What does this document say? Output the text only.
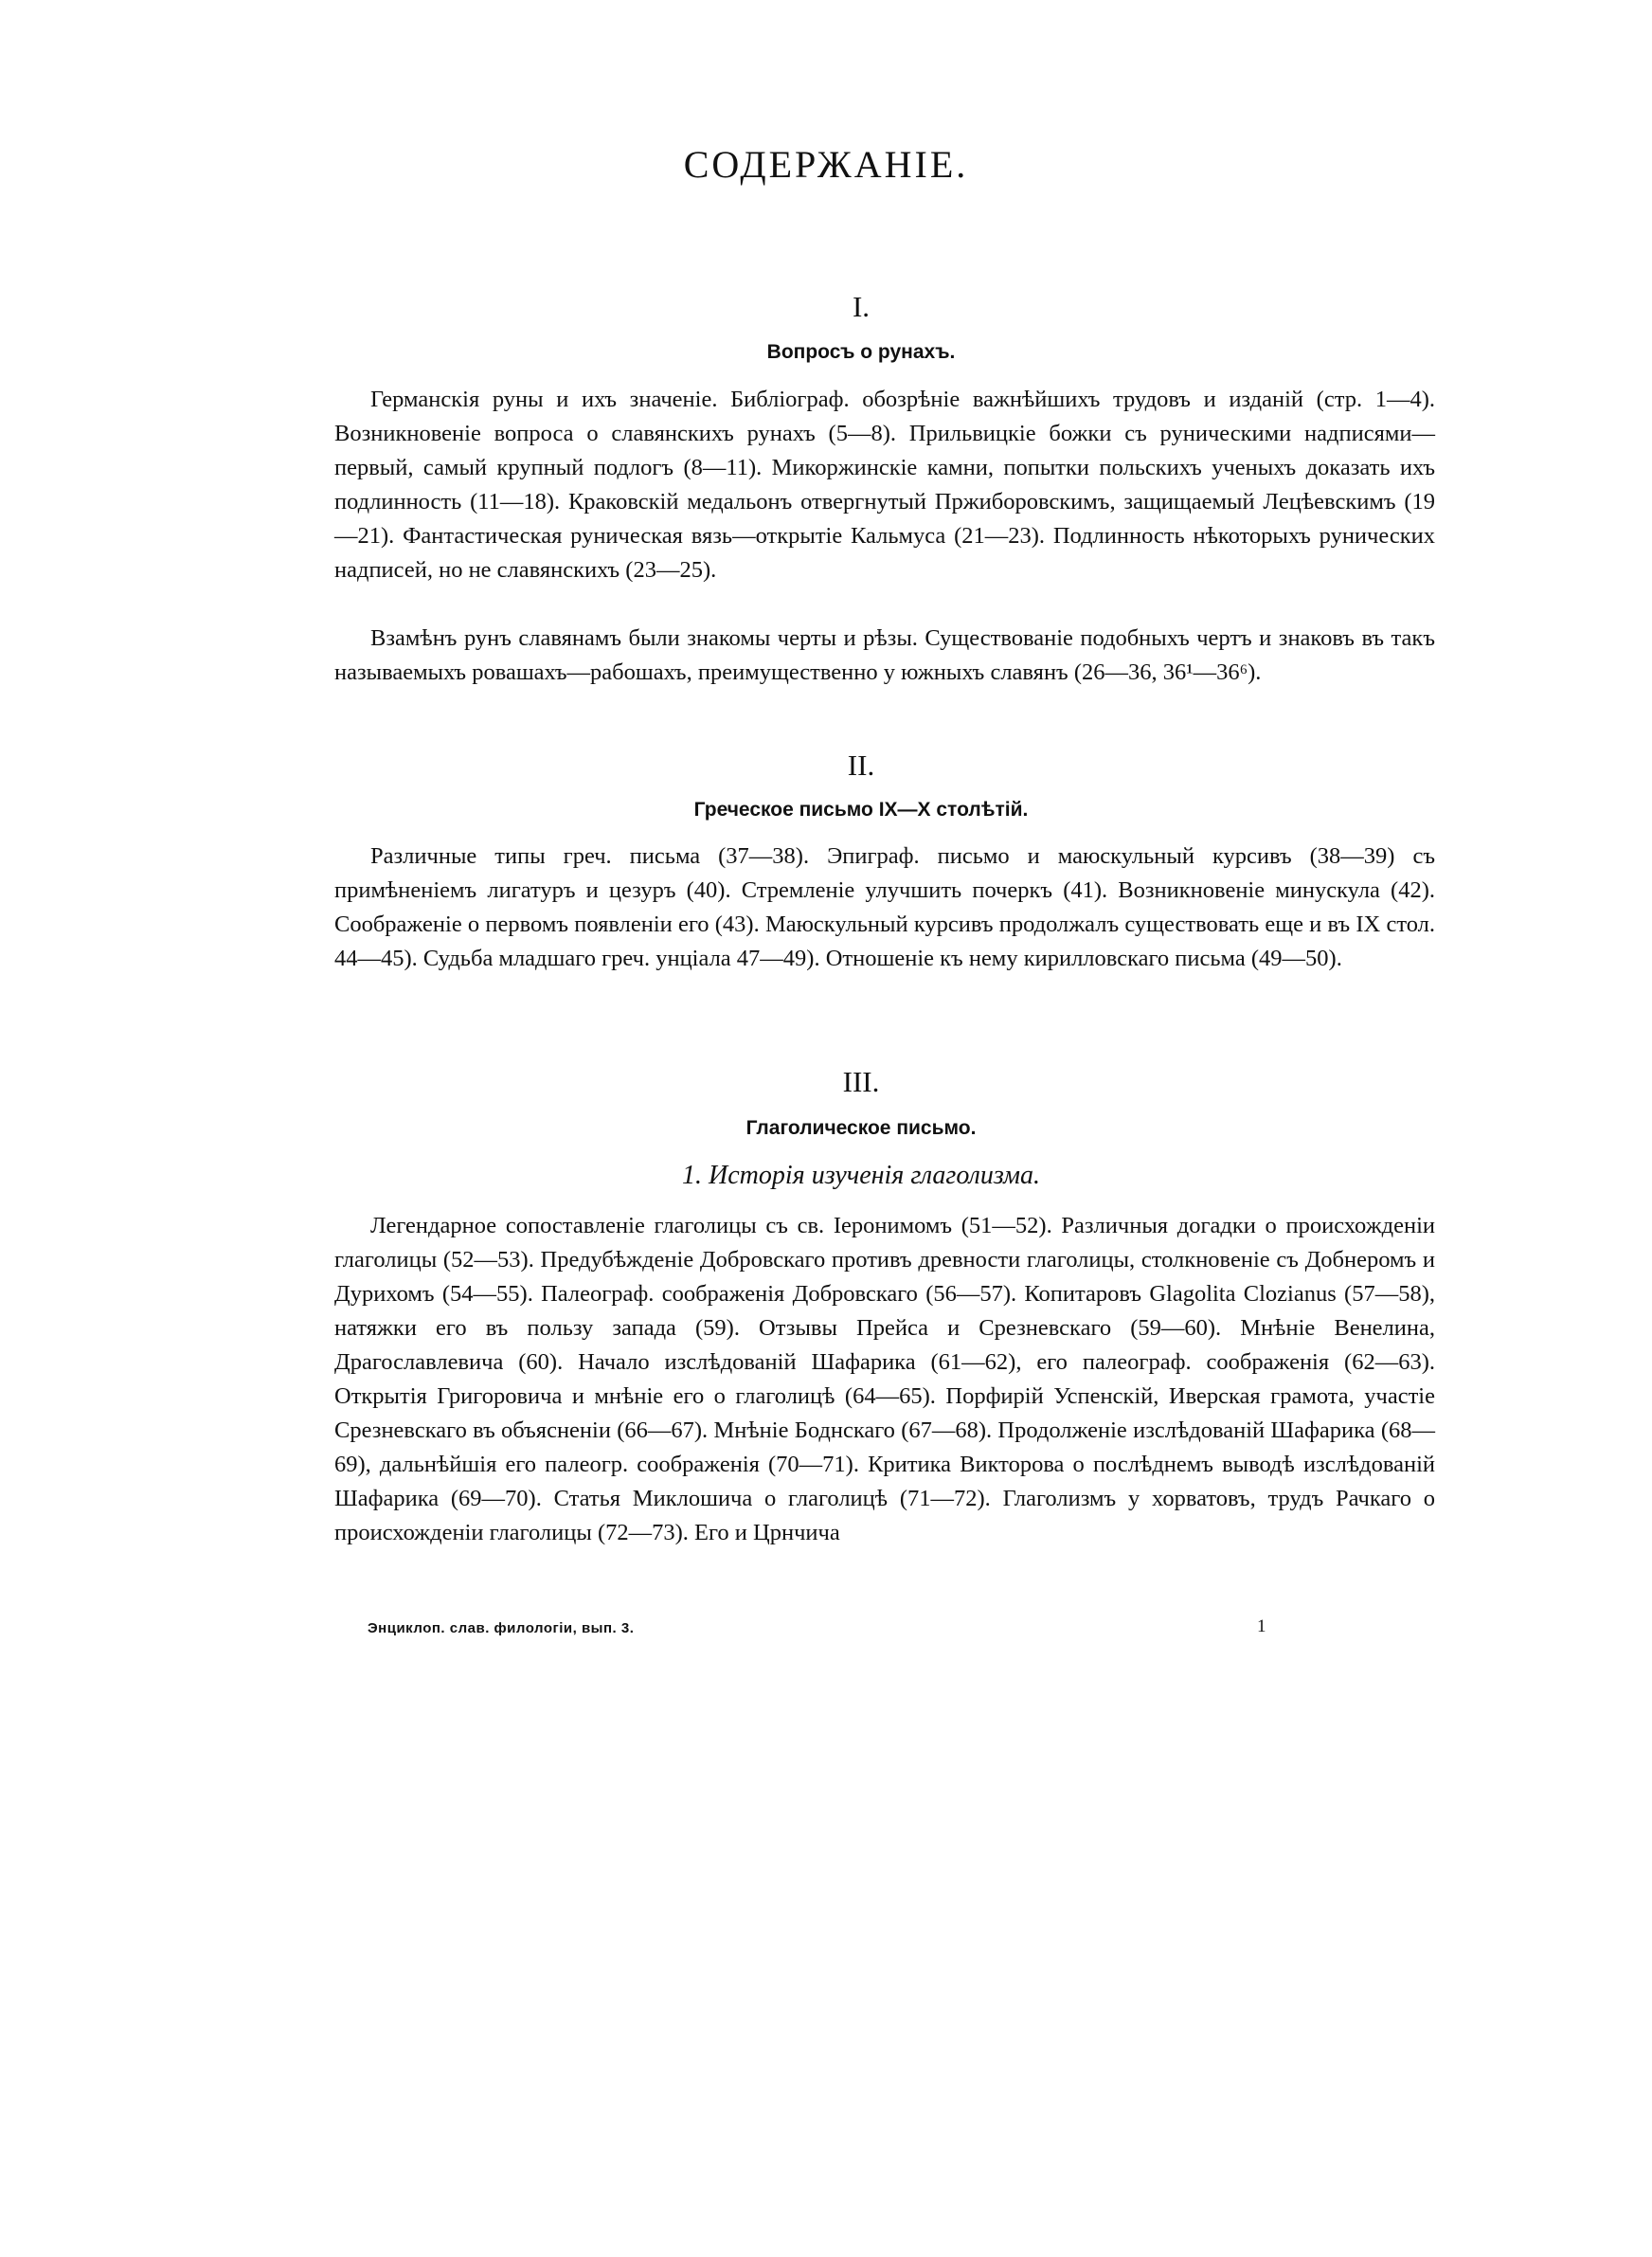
СОДЕРЖАНІЕ.
I.
Вопросъ о рунахъ.

Германскія руны и ихъ значеніе. Библіограф. обозрѣніе важнѣйшихъ трудовъ и изданій (стр. 1—4). Возникновеніе вопроса о славянскихъ рунахъ (5—8). Прильвицкіе божки съ руническими надписями—первый, самый крупный подлогъ (8—11). Микоржинскіе камни, попытки польскихъ ученыхъ доказать ихъ подлинность (11—18). Краковскій медальонъ отвергнутый Пржиборовскимъ, защищаемый Лецѣевскимъ (19—21). Фантастическая руническая вязь—открытіе Кальмуса (21—23). Подлинность нѣкоторыхъ рунических надписей, но не славянскихъ (23—25).

Взамѣнъ рунъ славянамъ были знакомы черты и рѣзы. Существованіе подобныхъ чертъ и знаковъ въ такъ называемыхъ ровашахъ—рабошахъ, преимущественно у южныхъ славянъ (26—36, 36¹—36⁶).

II.
Греческое письмо IX—X столѣтій.

Различные типы греч. письма (37—38). Эпиграф. письмо и маюскульный курсивъ (38—39) съ примѣненіемъ лигатуръ и цезуръ (40). Стремленіе улучшить почеркъ (41). Возникновеніе минускула (42). Соображеніе о первомъ появленіи его (43). Маюскульный курсивъ продолжалъ существовать еще и въ IX стол. 44—45). Судьба младшаго греч. унціала 47—49). Отношеніе къ нему кирилловскаго письма (49—50).

III.
Глаголическое письмо.
1. Исторія изученія глаголизма.

Легендарное сопоставленіе глаголицы съ св. Іеронимомъ (51—52). Различныя догадки о происхожденіи глаголицы (52—53). Предубѣжденіе Добровскаго противъ древности глаголицы, столкновеніе съ Добнеромъ и Дурихомъ (54—55). Палеограф. соображенія Добровскаго (56—57). Копитаровъ Glagolita Clozianus (57—58), натяжки его въ пользу запада (59). Отзывы Прейса и Срезневскаго (59—60). Мнѣніе Венелина, Драгославлевича (60). Начало изслѣдованій Шафарика (61—62), его палеограф. соображенія (62—63). Открытія Григоровича и мнѣніе его о глаголицѣ (64—65). Порфирій Успенскій, Иверская грамота, участіе Срезневскаго въ объясненіи (66—67). Мнѣніе Боднскаго (67—68). Продолженіе изслѣдованій Шафарика (68—69), дальнѣйшія его палеогр. соображенія (70—71). Критика Викторова о послѣднемъ выводѣ изслѣдованій Шафарика (69—70). Статья Миклошича о глаголицѣ (71—72). Глаголизмъ у хорватовъ, трудъ Рачкаго о происхожденіи глаголицы (72—73). Его и Црнчича

Энциклоп. слав. филологіи, вып. 3.	1
